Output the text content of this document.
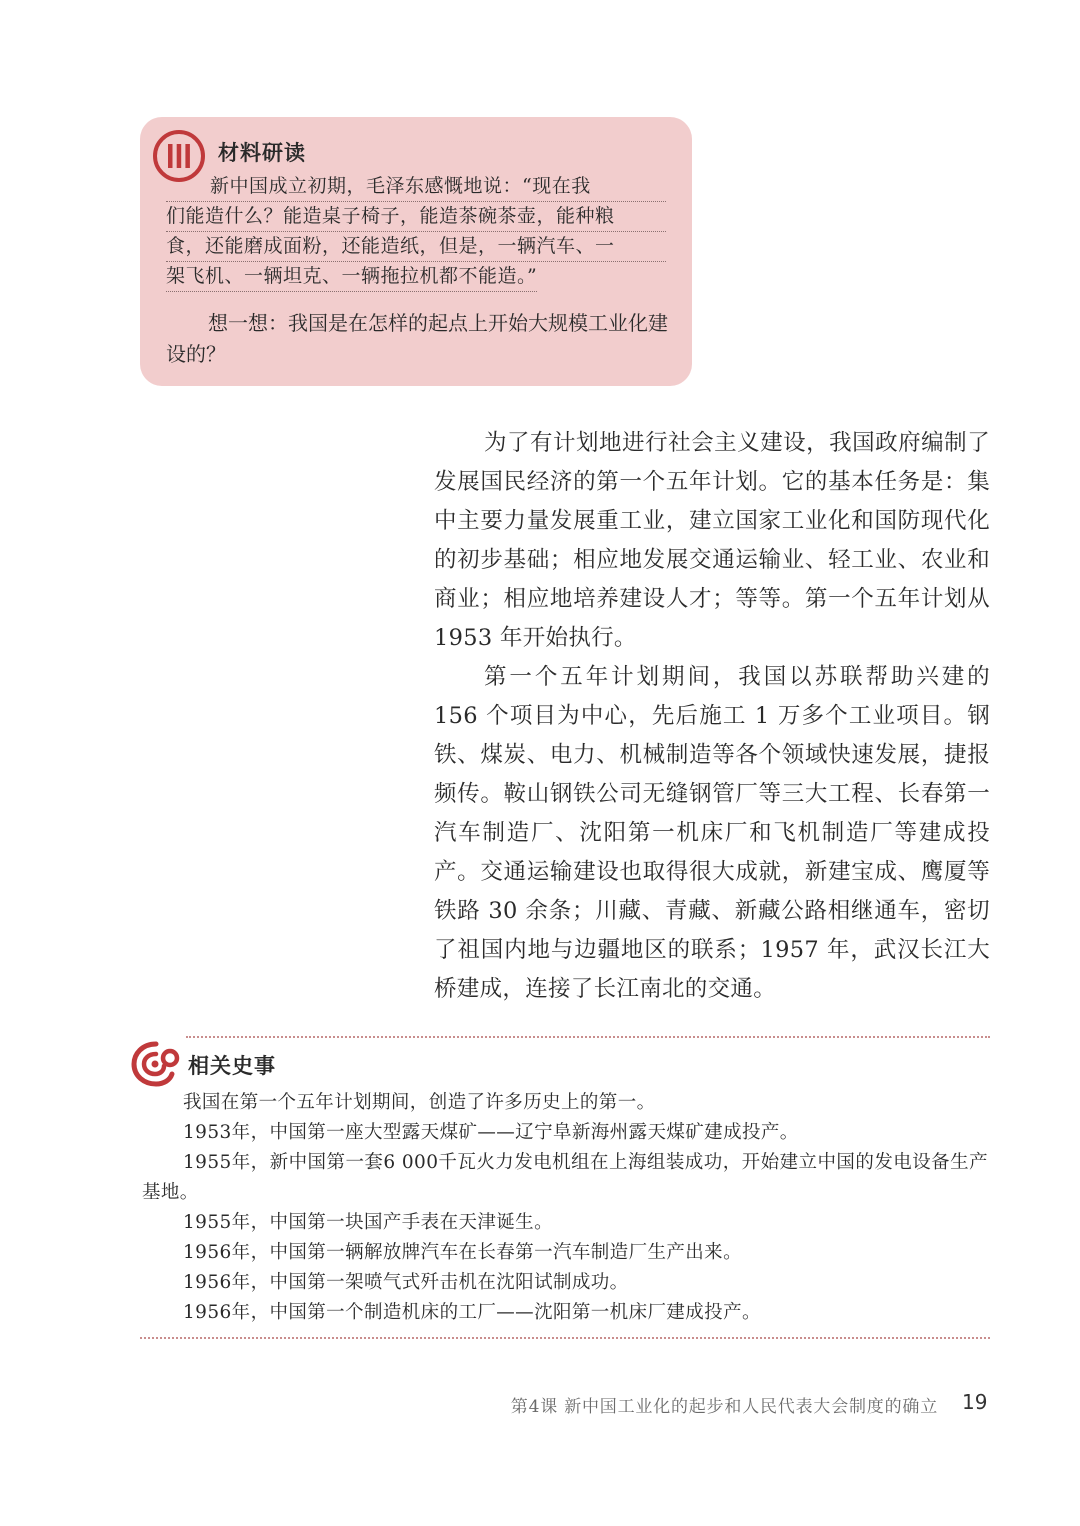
材料研读
新中国成立初期，毛泽东感慨地说：“现在我
们能造什么？能造桌子椅子，能造茶碗茶壶，能种粮
食，还能磨成面粉，还能造纸，但是，一辆汽车、一
架飞机、一辆坦克、一辆拖拉机都不能造。”

想一想：我国是在怎样的起点上开始大规模工业化建设的？

为了有计划地进行社会主义建设，我国政府编制了发展国民经济的第一个五年计划。它的基本任务是：集中主要力量发展重工业，建立国家工业化和国防现代化的初步基础；相应地发展交通运输业、轻工业、农业和商业；相应地培养建设人才；等等。第一个五年计划从 1953 年开始执行。

第一个五年计划期间，我国以苏联帮助兴建的 156 个项目为中心，先后施工 1 万多个工业项目。钢铁、煤炭、电力、机械制造等各个领域快速发展，捷报频传。鞍山钢铁公司无缝钢管厂等三大工程、长春第一汽车制造厂、沈阳第一机床厂和飞机制造厂等建成投产。交通运输建设也取得很大成就，新建宝成、鹰厦等铁路 30 余条；川藏、青藏、新藏公路相继通车，密切了祖国内地与边疆地区的联系；1957 年，武汉长江大桥建成，连接了长江南北的交通。

相关史事

我国在第一个五年计划期间，创造了许多历史上的第一。

1953年，中国第一座大型露天煤矿——辽宁阜新海州露天煤矿建成投产。

1955年，新中国第一套6 000千瓦火力发电机组在上海组装成功，开始建立中国的发电设备生产基地。

1955年，中国第一块国产手表在天津诞生。

1956年，中国第一辆解放牌汽车在长春第一汽车制造厂生产出来。

1956年，中国第一架喷气式歼击机在沈阳试制成功。

1956年，中国第一个制造机床的工厂——沈阳第一机床厂建成投产。

第4课 新中国工业化的起步和人民代表大会制度的确立 19
